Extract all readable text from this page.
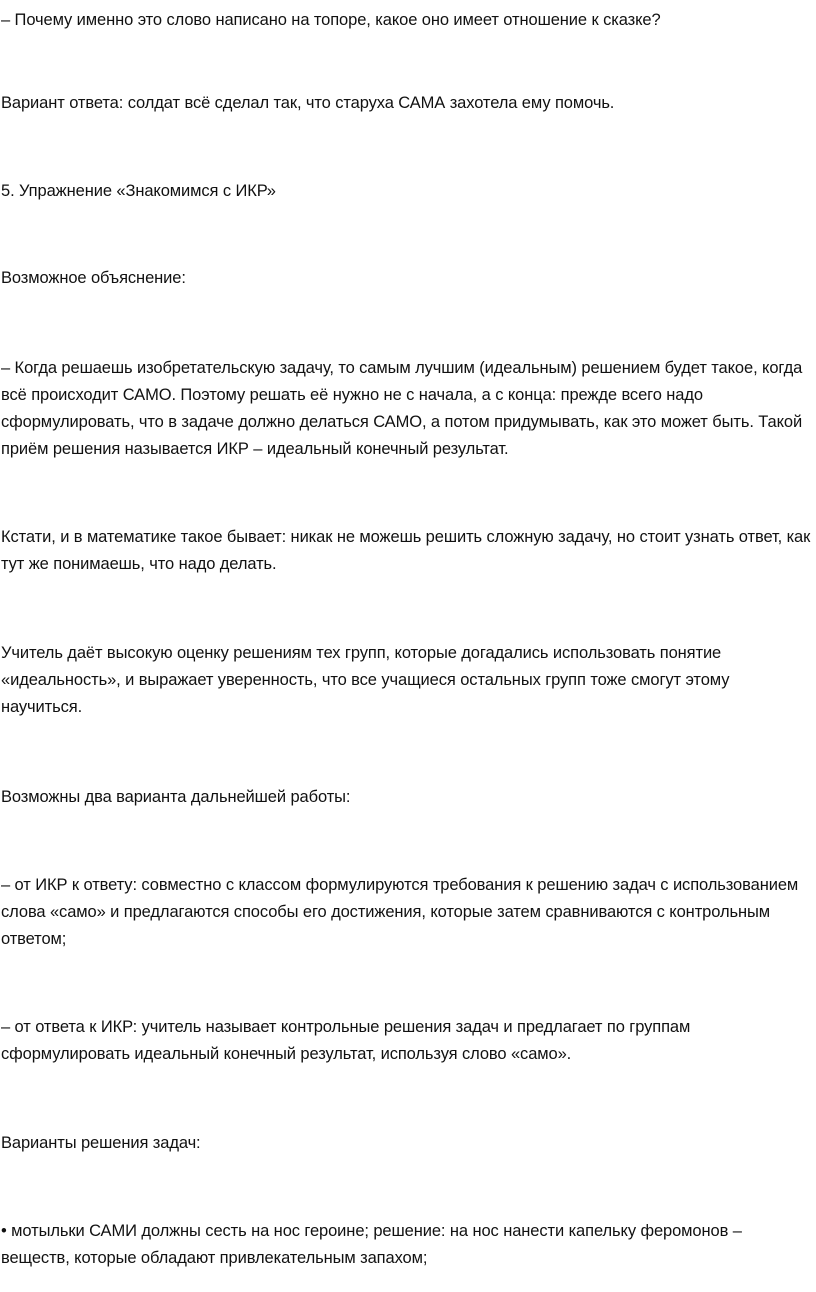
– Почему именно это слово написано на топоре, какое оно имеет отношение к сказке?

Вариант ответа: солдат всё сделал так, что старуха САМА захотела ему помочь.

5. Упражнение «Знакомимся с ИКР»

Возможное объяснение:

– Когда решаешь изобретательскую задачу, то самым лучшим (идеальным) решением будет такое, когда всё происходит САМО. Поэтому решать её нужно не с начала, а с конца: прежде всего надо сформулировать, что в задаче должно делаться САМО, а потом придумывать, как это может быть. Такой приём решения называется ИКР – идеальный конечный результат.

Кстати, и в математике такое бывает: никак не можешь решить сложную задачу, но стоит узнать ответ, как тут же понимаешь, что надо делать.

Учитель даёт высокую оценку решениям тех групп, которые догадались использовать понятие «идеальность», и выражает уверенность, что все учащиеся остальных групп тоже смогут этому научиться.

Возможны два варианта дальнейшей работы:

– от ИКР к ответу: совместно с классом формулируются требования к решению задач с использованием слова «само» и предлагаются способы его достижения, которые затем сравниваются с контрольным ответом;

– от ответа к ИКР: учитель называет контрольные решения задач и предлагает по группам сформулировать идеальный конечный результат, используя слово «само».

Варианты решения задач:

• мотыльки САМИ должны сесть на нос героине; решение: на нос нанести капельку феромонов – веществ, которые обладают привлекательным запахом;
